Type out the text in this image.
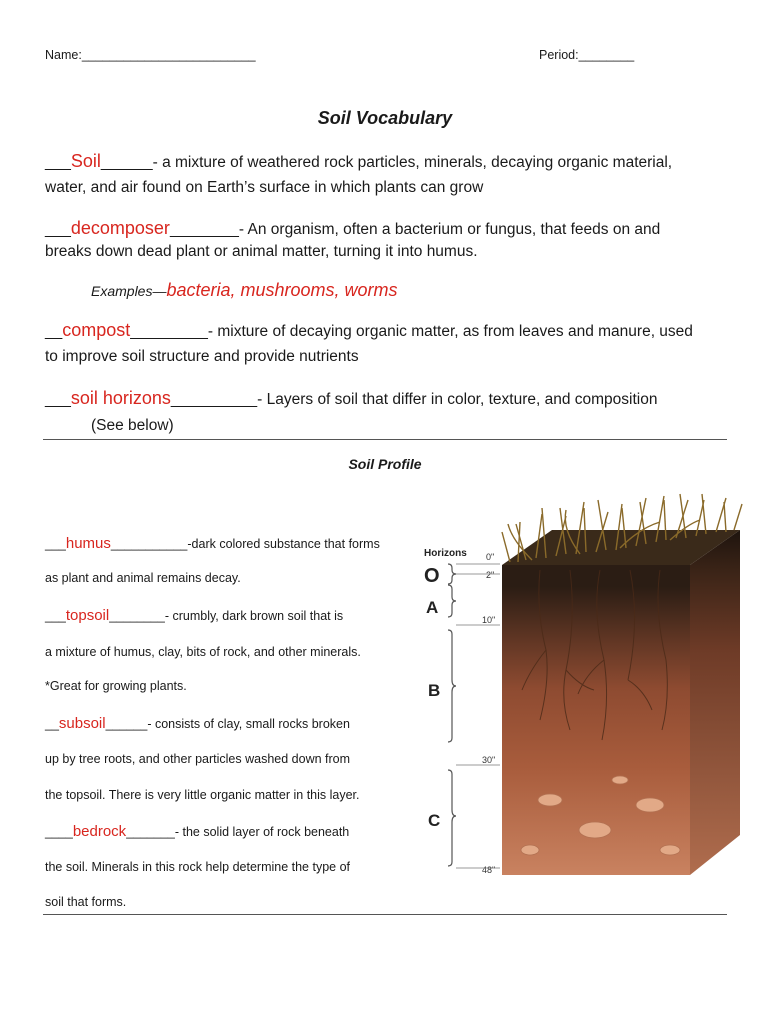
Name:_________________________	Period:________
Soil Vocabulary
___Soil______- a mixture of weathered rock particles, minerals, decaying organic material,
water, and air found on Earth’s surface in which plants can grow
___decomposer________- An organism, often a bacterium or fungus, that feeds on and
breaks down dead plant or animal matter, turning it into humus.
Examples—bacteria, mushrooms, worms
__compost_________- mixture of decaying organic matter, as from leaves and manure, used
to improve soil structure and provide nutrients
___soil horizons__________- Layers of soil that differ in color, texture, and composition
(See below)
Soil Profile
___humus___________-dark colored substance that forms
as plant and animal remains decay.
___topsoil________- crumbly, dark brown soil that is
a mixture of humus, clay, bits of rock, and other minerals.
*Great for growing plants.
__subsoil______- consists of clay, small rocks broken
up by tree roots, and other particles washed down from
the topsoil. There is very little organic matter in this layer.
____bedrock_______- the solid layer of rock beneath
the soil. Minerals in this rock help determine the type of
soil that forms.
Horizons
O
A
B
C
0"
2"
10"
30"
48"
